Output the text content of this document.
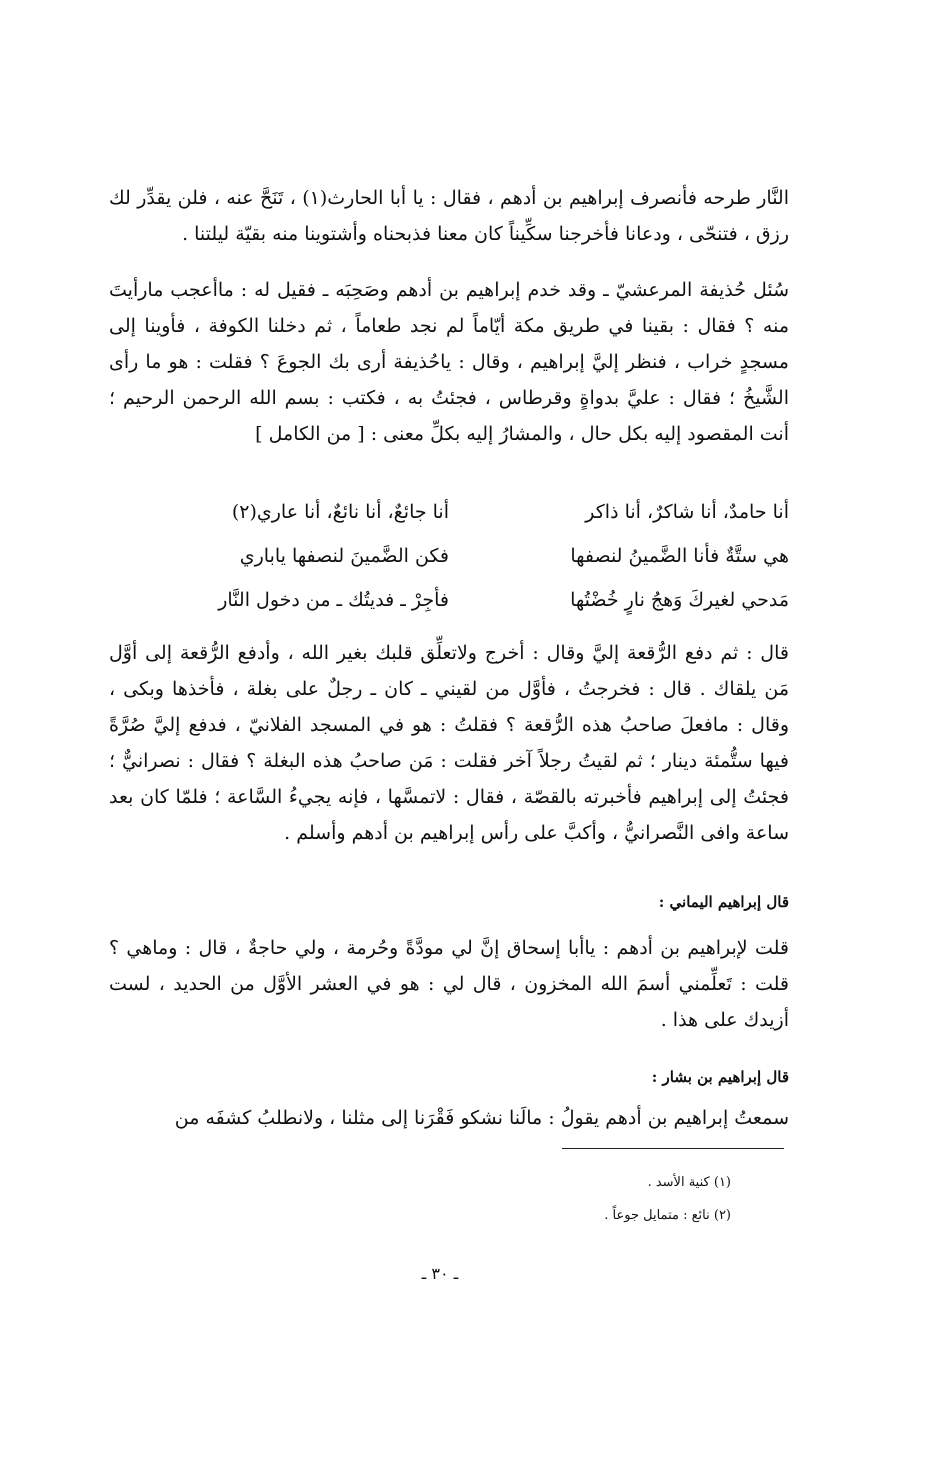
النَّار طرحه فأنصرف إبراهيم بن أدهم ، فقال : يا أبا الحارث(١) ، تَنَحَّ عنه ، فلن يقدِّر لك رزق ، فتنحّى ، ودعانا فأخرجنا سكِّيناً كان معنا فذبحناه وأشتوينا منه بقيّة ليلتنا .

سُئل حُذيفة المرعشيّ ـ وقد خدم إبراهيم بن أدهم وصَحِبَه ـ فقيل له : ماأعجب مارأيتَ منه ؟ فقال : بقينا في طريق مكة أيّاماً لم نجد طعاماً ، ثم دخلنا الكوفة ، فأوينا إلى مسجدٍ خراب ، فنظر إليَّ إبراهيم ، وقال : ياحُذيفة أرى بك الجوعَ ؟ فقلت : هو ما رأى الشَّيخُ ؛ فقال : عليَّ بدواةٍ وقرطاس ، فجئتُ به ، فكتب : بسم الله الرحمن الرحيم ؛ أنت المقصود إليه بكل حال ، والمشارُ إليه بكلِّ معنى : [ من الكامل ]

أنا حامدٌ، أنا شاكرٌ، أنا ذاكر
أنا جائعٌ، أنا نائعٌ، أنا عاري(٢)
هي ستَّةٌ فأنا الضَّمينُ لنصفها
فكن الضَّمينَ لنصفها ياباري
مَدحي لغيركَ وَهجُ نارٍ خُضْتُها
فأجِرْ ـ فديتُك ـ من دخول النَّار

قال : ثم دفع الرُّقعة إليَّ وقال : أخرج ولاتعلِّق قلبك بغير الله ، وأدفع الرُّقعة إلى أوَّل مَن يلقاك . قال : فخرجتُ ، فأوَّل من لقيني ـ كان ـ رجلٌ على بغلة ، فأخذها وبكى ، وقال : مافعلَ صاحبُ هذه الرُّقعة ؟ فقلتُ : هو في المسجد الفلانيّ ، فدفع إليَّ صُرَّةً فيها ستُّمئة دينار ؛ ثم لقيتُ رجلاً آخر فقلت : مَن صاحبُ هذه البغلة ؟ فقال : نصرانيٌّ ؛ فجئتُ إلى إبراهيم فأخبرته بالقصّة ، فقال : لاتمسَّها ، فإنه يجيءُ السَّاعة ؛ فلمّا كان بعد ساعة وافى النَّصرانيُّ ، وأكبَّ على رأس إبراهيم بن أدهم وأسلم .

قال إبراهيم اليماني :

قلت لإبراهيم بن أدهم : ياأبا إسحاق إنَّ لي مودَّةً وحُرمة ، ولي حاجةٌ ، قال : وماهي ؟ قلت : تَعلِّمني أسمَ الله المخزون ، قال لي : هو في العشر الأوَّل من الحديد ، لست أزيدك على هذا .

قال إبراهيم بن بشار :

سمعتُ إبراهيم بن أدهم يقولُ : مالَنا نشكو فَقْرَنا إلى مثلنا ، ولانطلبُ كشفَه من

(١) كنية الأسد .
(٢) نائع : متمايل جوعاً .
ـ ٣٠ ـ
